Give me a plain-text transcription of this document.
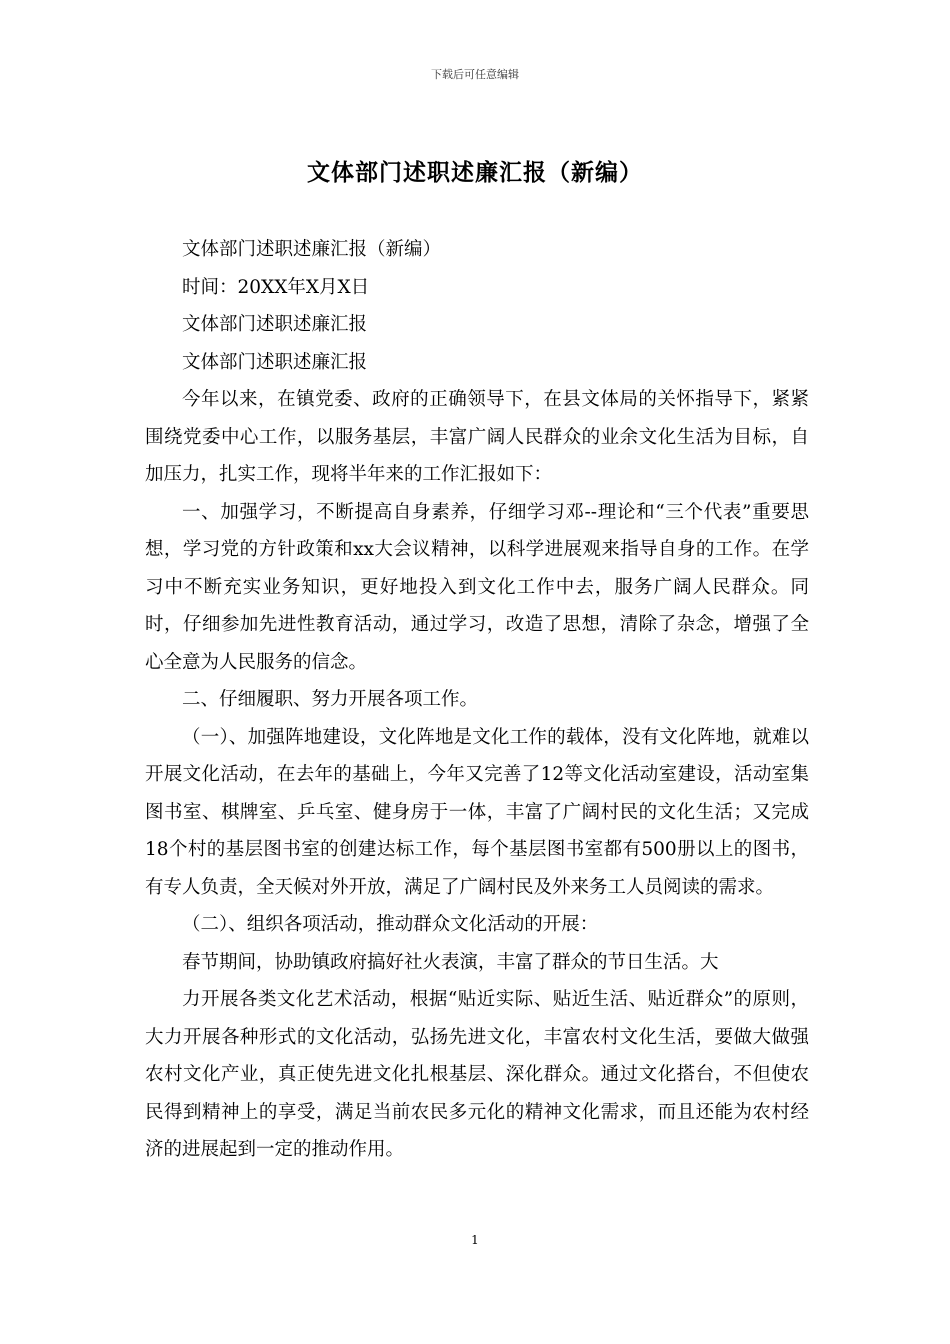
下载后可任意编辑
文体部门述职述廉汇报（新编）

文体部门述职述廉汇报（新编）

时间：20XX年X月X日

文体部门述职述廉汇报

文体部门述职述廉汇报

今年以来，在镇党委、政府的正确领导下，在县文体局的关怀指导下，紧紧围绕党委中心工作，以服务基层，丰富广阔人民群众的业余文化生活为目标，自加压力，扎实工作，现将半年来的工作汇报如下：

一、加强学习，不断提高自身素养，仔细学习邓--理论和“三个代表”重要思想，学习党的方针政策和xx大会议精神，以科学进展观来指导自身的工作。在学习中不断充实业务知识，更好地投入到文化工作中去，服务广阔人民群众。同时，仔细参加先进性教育活动，通过学习，改造了思想，清除了杂念，增强了全心全意为人民服务的信念。

二、仔细履职、努力开展各项工作。

（一）、加强阵地建设，文化阵地是文化工作的载体，没有文化阵地，就难以开展文化活动，在去年的基础上，今年又完善了12等文化活动室建设，活动室集图书室、棋牌室、乒乓室、健身房于一体，丰富了广阔村民的文化生活；又完成18个村的基层图书室的创建达标工作，每个基层图书室都有500册以上的图书，有专人负责，全天候对外开放，满足了广阔村民及外来务工人员阅读的需求。

（二）、组织各项活动，推动群众文化活动的开展：

春节期间，协助镇政府搞好社火表演，丰富了群众的节日生活。大

力开展各类文化艺术活动，根据“贴近实际、贴近生活、贴近群众”的原则，大力开展各种形式的文化活动，弘扬先进文化，丰富农村文化生活，要做大做强农村文化产业，真正使先进文化扎根基层、深化群众。通过文化搭台，不但使农民得到精神上的享受，满足当前农民多元化的精神文化需求，而且还能为农村经济的进展起到一定的推动作用。

1
